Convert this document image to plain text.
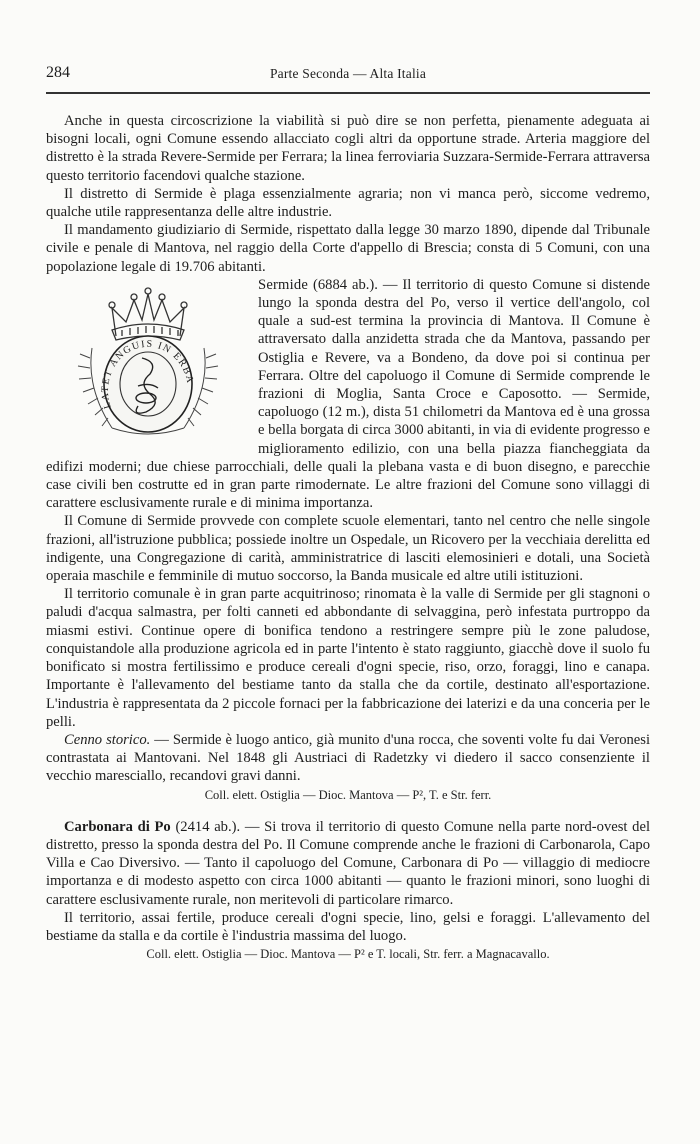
284	Parte Seconda — Alta Italia

Anche in questa circoscrizione la viabilità si può dire se non perfetta, pienamente adeguata ai bisogni locali, ogni Comune essendo allacciato cogli altri da opportune strade. Arteria maggiore del distretto è la strada Revere-Sermide per Ferrara; la linea ferroviaria Suzzara-Sermide-Ferrara attraversa questo territorio facendovi qualche stazione.

Il distretto di Sermide è plaga essenzialmente agraria; non vi manca però, siccome vedremo, qualche utile rappresentanza delle altre industrie.

Il mandamento giudiziario di Sermide, rispettato dalla legge 30 marzo 1890, dipende dal Tribunale civile e penale di Mantova, nel raggio della Corte d'appello di Brescia; consta di 5 Comuni, con una popolazione legale di 19.706 abitanti.

LATET ANGUIS IN ERBA

Sermide (6884 ab.). — Il territorio di questo Comune si distende lungo la sponda destra del Po, verso il vertice dell'angolo, col quale a sud-est termina la provincia di Mantova. Il Comune è attraversato dalla anzidetta strada che da Mantova, passando per Ostiglia e Revere, va a Bondeno, da dove poi si continua per Ferrara. Oltre del capoluogo il Comune di Sermide comprende le frazioni di Moglia, Santa Croce e Caposotto. — Sermide, capoluogo (12 m.), dista 51 chilometri da Mantova ed è una grossa e bella borgata di circa 3000 abitanti, in via di evidente progresso e miglioramento edilizio, con una bella piazza fiancheggiata da edifizi moderni; due chiese parrocchiali, delle quali la plebana vasta e di buon disegno, e parecchie case civili ben costrutte ed in gran parte rimodernate. Le altre frazioni del Comune sono villaggi di carattere esclusivamente rurale e di minima importanza.

Il Comune di Sermide provvede con complete scuole elementari, tanto nel centro che nelle singole frazioni, all'istruzione pubblica; possiede inoltre un Ospedale, un Ricovero per la vecchiaia derelitta ed indigente, una Congregazione di carità, amministratrice di lasciti elemosinieri e dotali, una Società operaia maschile e femminile di mutuo soccorso, la Banda musicale ed altre utili istituzioni.

Il territorio comunale è in gran parte acquitrinoso; rinomata è la valle di Sermide per gli stagnoni o paludi d'acqua salmastra, per folti canneti ed abbondante di selvaggina, però infestata purtroppo da miasmi estivi. Continue opere di bonifica tendono a restringere sempre più le zone paludose, conquistandole alla produzione agricola ed in parte l'intento è stato raggiunto, giacchè dove il suolo fu bonificato si mostra fertilissimo e produce cereali d'ogni specie, riso, orzo, foraggi, lino e canapa. Importante è l'allevamento del bestiame tanto da stalla che da cortile, destinato all'esportazione. L'industria è rappresentata da 2 piccole fornaci per la fabbricazione dei laterizi e da una conceria per le pelli.

Cenno storico. — Sermide è luogo antico, già munito d'una rocca, che soventi volte fu dai Veronesi contrastata ai Mantovani. Nel 1848 gli Austriaci di Radetzky vi diedero il sacco consenziente il vecchio maresciallo, recandovi gravi danni.

Coll. elett. Ostiglia — Dioc. Mantova — P², T. e Str. ferr.

Carbonara di Po (2414 ab.). — Si trova il territorio di questo Comune nella parte nord-ovest del distretto, presso la sponda destra del Po. Il Comune comprende anche le frazioni di Carbonarola, Capo Villa e Cao Diversivo. — Tanto il capoluogo del Comune, Carbonara di Po — villaggio di mediocre importanza e di modesto aspetto con circa 1000 abitanti — quanto le frazioni minori, sono luoghi di carattere esclusivamente rurale, non meritevoli di particolare rimarco.

Il territorio, assai fertile, produce cereali d'ogni specie, lino, gelsi e foraggi. L'allevamento del bestiame da stalla e da cortile è l'industria massima del luogo.

Coll. elett. Ostiglia — Dioc. Mantova — P² e T. locali, Str. ferr. a Magnacavallo.
